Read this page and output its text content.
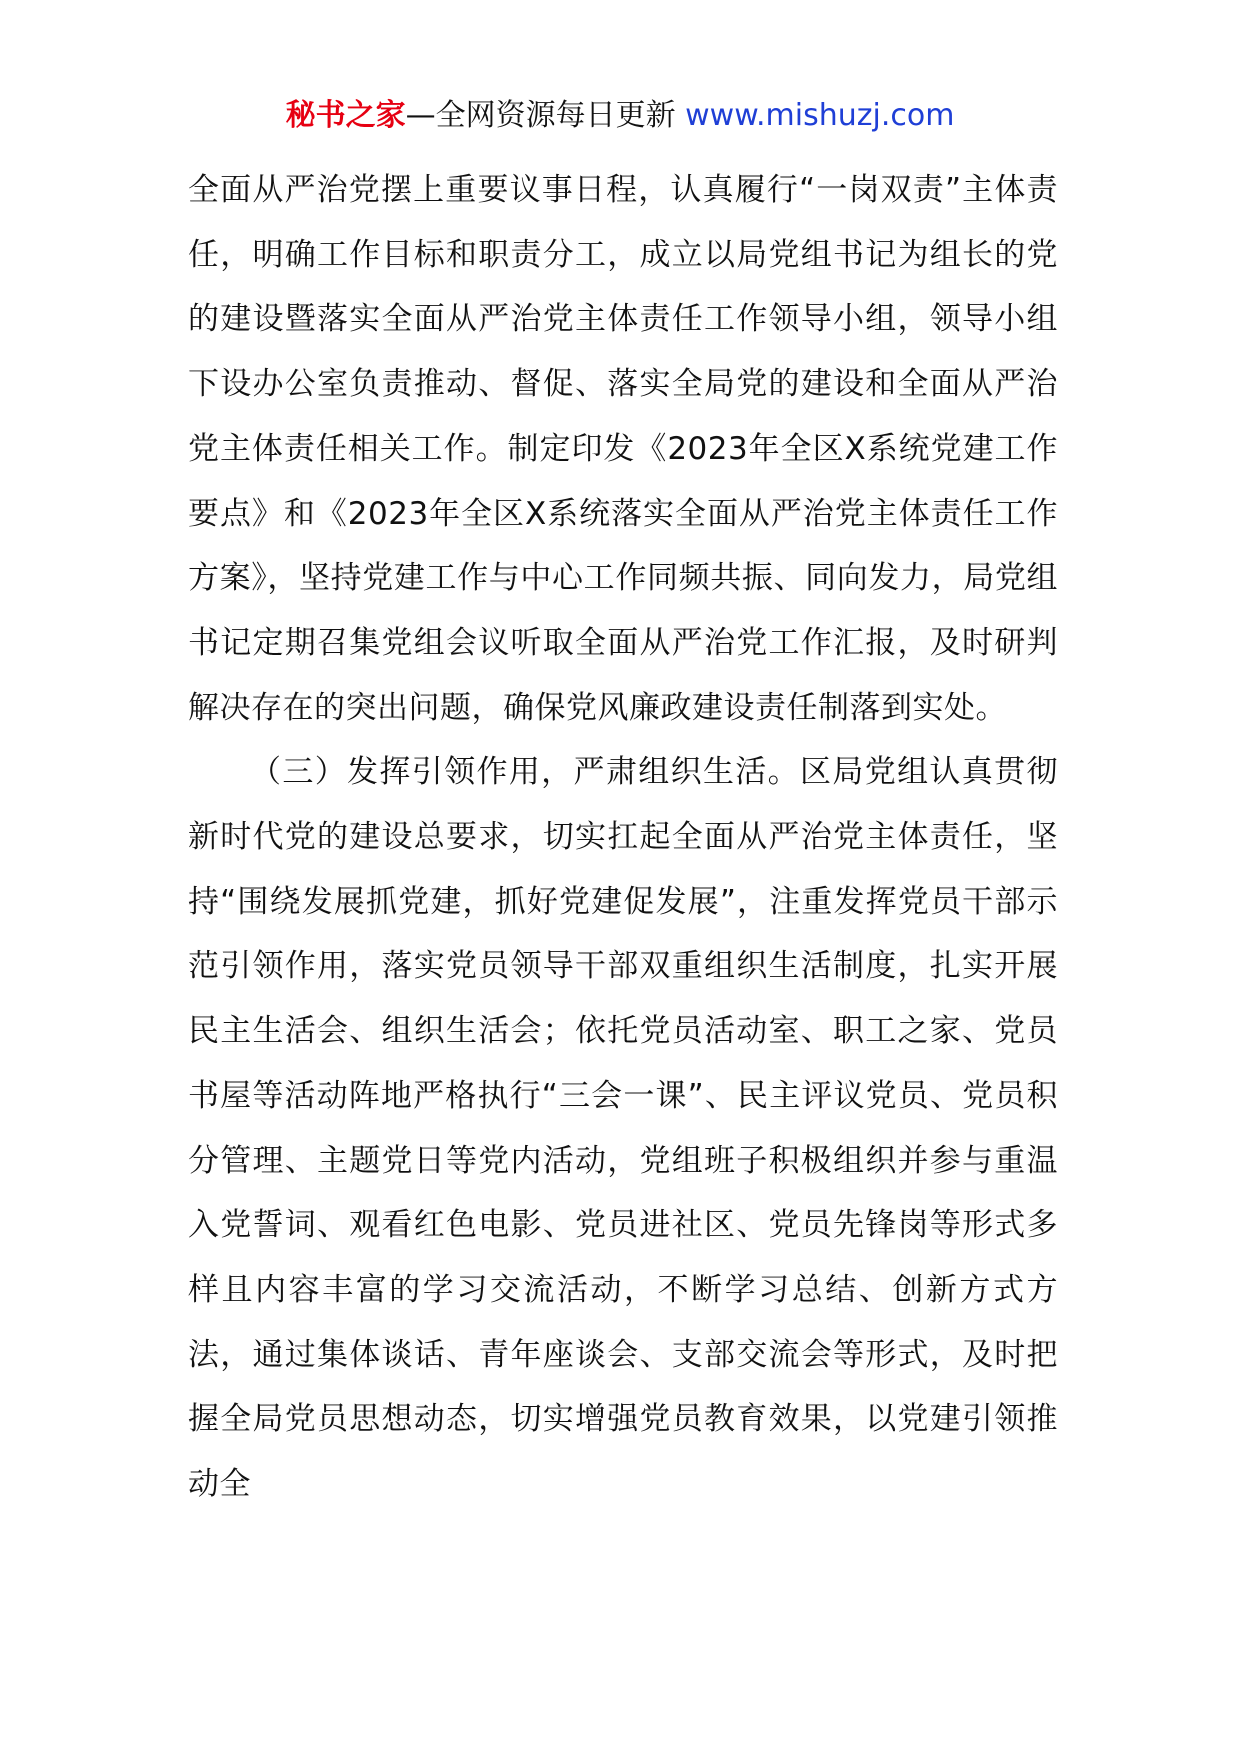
秘书之家—全网资源每日更新 www.mishuzj.com

全面从严治党摆上重要议事日程，认真履行“一岗双责”主体责任，明确工作目标和职责分工，成立以局党组书记为组长的党的建设暨落实全面从严治党主体责任工作领导小组，领导小组下设办公室负责推动、督促、落实全局党的建设和全面从严治党主体责任相关工作。制定印发《2023年全区X系统党建工作要点》和《2023年全区X系统落实全面从严治党主体责任工作方案》，坚持党建工作与中心工作同频共振、同向发力，局党组书记定期召集党组会议听取全面从严治党工作汇报，及时研判解决存在的突出问题，确保党风廉政建设责任制落到实处。

（三）发挥引领作用，严肃组织生活。区局党组认真贯彻新时代党的建设总要求，切实扛起全面从严治党主体责任，坚持“围绕发展抓党建，抓好党建促发展”，注重发挥党员干部示范引领作用，落实党员领导干部双重组织生活制度，扎实开展民主生活会、组织生活会；依托党员活动室、职工之家、党员书屋等活动阵地严格执行“三会一课”、民主评议党员、党员积分管理、主题党日等党内活动，党组班子积极组织并参与重温入党誓词、观看红色电影、党员进社区、党员先锋岗等形式多样且内容丰富的学习交流活动，不断学习总结、创新方式方法，通过集体谈话、青年座谈会、支部交流会等形式，及时把握全局党员思想动态，切实增强党员教育效果，以党建引领推动全
